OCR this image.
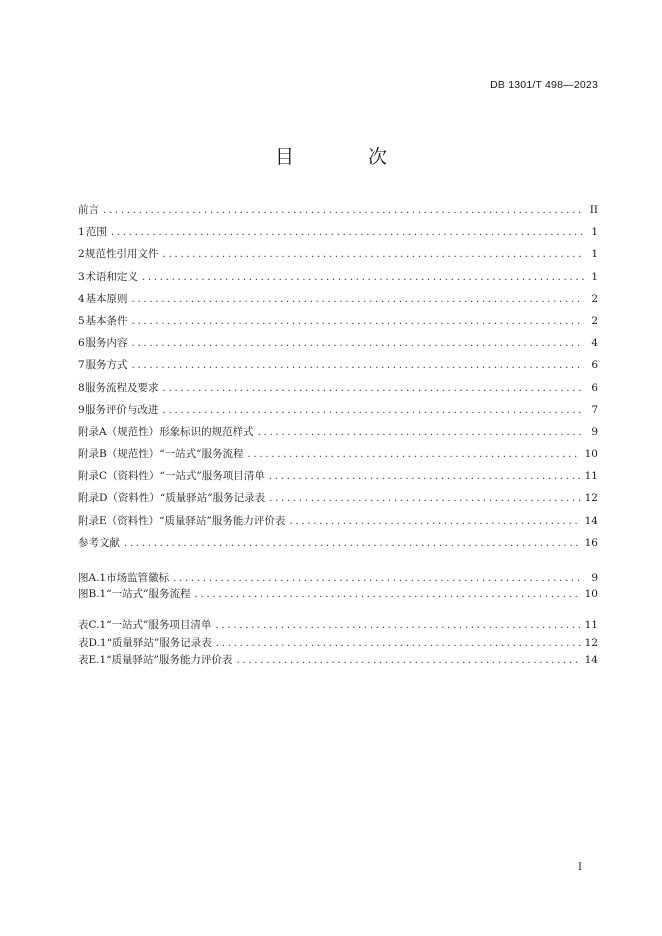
DB 1301/T 498—2023
目 次
前言 .....	II
1 范围 .....	1
2 规范性引用文件 .....	1
3 术语和定义 .....	1
4 基本原则 .....	2
5 基本条件 .....	2
6 服务内容 .....	4
7 服务方式 .....	6
8 服务流程及要求 .....	6
9 服务评价与改进 .....	7
附录A（规范性） 形象标识的规范样式 .....	9
附录B（规范性） “一站式”服务流程 .....	10
附录C（资料性） “一站式”服务项目清单 .....	11
附录D（资料性） “质量驿站”服务记录表 .....	12
附录E（资料性） “质量驿站”服务能力评价表 .....	14
参考文献 .....	16
图A.1 市场监管徽标 .....	9
图B.1 “一站式”服务流程 .....	10
表C.1 “一站式”服务项目清单 .....	11
表D.1 “质量驿站”服务记录表 .....	12
表E.1 “质量驿站”服务能力评价表 .....	14
I
